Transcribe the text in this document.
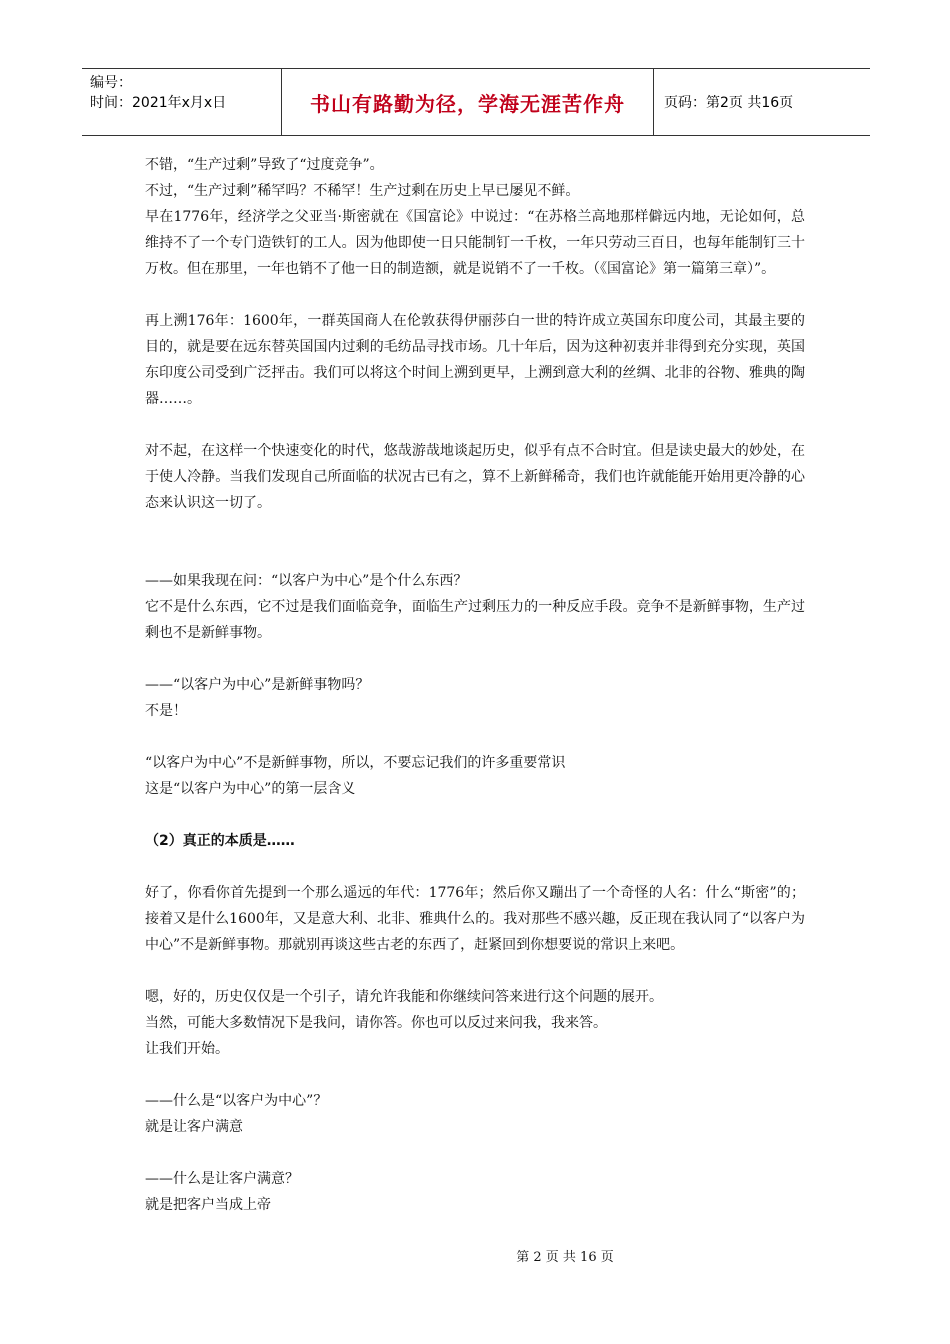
编号：
时间：2021年x月x日	书山有路勤为径，学海无涯苦作舟	页码：第2页 共16页

不错，“生产过剩”导致了“过度竞争”。

不过，“生产过剩”稀罕吗？不稀罕！生产过剩在历史上早已屡见不鲜。

早在1776年，经济学之父亚当·斯密就在《国富论》中说过：“在苏格兰高地那样僻远内地，无论如何，总维持不了一个专门造铁钉的工人。因为他即使一日只能制钉一千枚，一年只劳动三百日，也每年能制钉三十万枚。但在那里，一年也销不了他一日的制造额，就是说销不了一千枚。（《国富论》第一篇第三章）”。

再上溯176年：1600年，一群英国商人在伦敦获得伊丽莎白一世的特许成立英国东印度公司，其最主要的目的，就是要在远东替英国国内过剩的毛纺品寻找市场。几十年后，因为这种初衷并非得到充分实现，英国东印度公司受到广泛抨击。我们可以将这个时间上溯到更早，上溯到意大利的丝绸、北非的谷物、雅典的陶器……。

对不起，在这样一个快速变化的时代，悠哉游哉地谈起历史，似乎有点不合时宜。但是读史最大的妙处，在于使人冷静。当我们发现自己所面临的状况古已有之，算不上新鲜稀奇，我们也许就能能开始用更冷静的心态来认识这一切了。

——如果我现在问：“以客户为中心”是个什么东西？

它不是什么东西，它不过是我们面临竞争，面临生产过剩压力的一种反应手段。竞争不是新鲜事物，生产过剩也不是新鲜事物。

——“以客户为中心”是新鲜事物吗？

不是！

“以客户为中心”不是新鲜事物，所以，不要忘记我们的许多重要常识

这是“以客户为中心”的第一层含义

（2）真正的本质是……

好了，你看你首先提到一个那么遥远的年代：1776年；然后你又蹦出了一个奇怪的人名：什么“斯密”的；接着又是什么1600年，又是意大利、北非、雅典什么的。我对那些不感兴趣，反正现在我认同了“以客户为中心”不是新鲜事物。那就别再谈这些古老的东西了，赶紧回到你想要说的常识上来吧。

嗯，好的，历史仅仅是一个引子，请允许我能和你继续问答来进行这个问题的展开。

当然，可能大多数情况下是我问，请你答。你也可以反过来问我，我来答。

让我们开始。

——什么是“以客户为中心”？

就是让客户满意

——什么是让客户满意？

就是把客户当成上帝

第 2 页 共 16 页
